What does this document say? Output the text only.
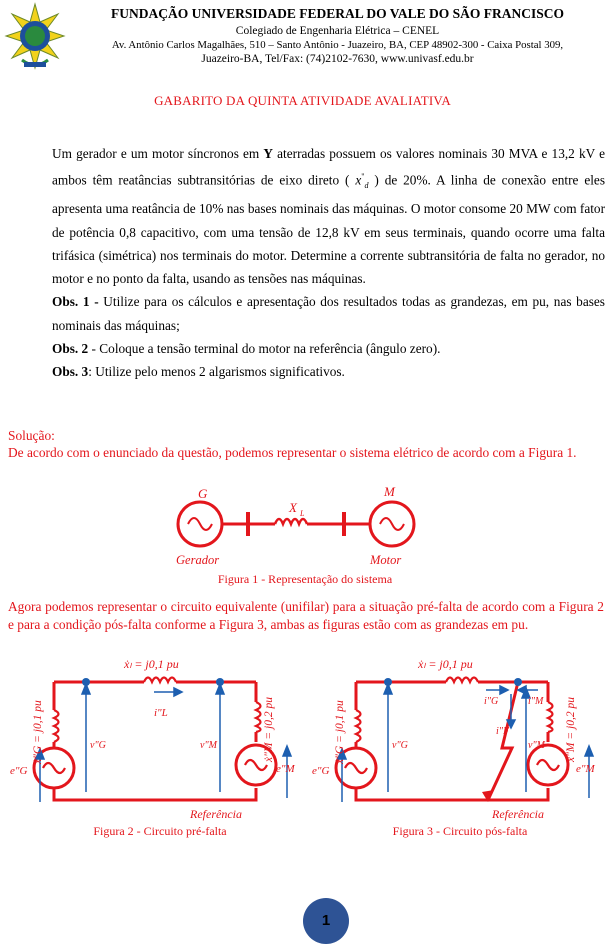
FUNDAÇÃO UNIVERSIDADE FEDERAL DO VALE DO SÃO FRANCISCO
Colegiado de Engenharia Elétrica – CENEL
Av. Antônio Carlos Magalhães, 510 – Santo Antônio - Juazeiro, BA, CEP 48902-300 - Caixa Postal 309,
Juazeiro-BA, Tel/Fax: (74)2102-7630, www.univasf.edu.br
GABARITO DA QUINTA ATIVIDADE AVALIATIVA

Um gerador e um motor síncronos em Y aterradas possuem os valores nominais 30 MVA e 13,2 kV e ambos têm reatâncias subtransitórias de eixo direto ( $x^"_d$ ) de 20%. A linha de conexão entre eles apresenta uma reatância de 10% nas bases nominais das máquinas. O motor consome 20 MW com fator de potência 0,8 capacitivo, com uma tensão de 12,8 kV em seus terminais, quando ocorre uma falta trifásica (simétrica) nos terminais do motor. Determine a corrente subtransitória de falta no gerador, no motor e no ponto da falta, usando as tensões nas máquinas.

Obs. 1 - Utilize para os cálculos e apresentação dos resultados todas as grandezas, em pu, nas bases nominais das máquinas;

Obs. 2 - Coloque a tensão terminal do motor na referência (ângulo zero).

Obs. 3: Utilize pelo menos 2 algarismos significativos.

Solução:
De acordo com o enunciado da questão, podemos representar o sistema elétrico de acordo com a Figura 1.
G	M
X L
Gerador	Motor
Figura 1 - Representação do sistema
Agora podemos representar o circuito equivalente (unifilar) para a situação pré-falta de acordo com a Figura 2 e para a condição pós-falta conforme a Figura 3, ambas as figuras estão com as grandezas em pu.
ẋₗ = j0,1 pu
i"L
ẋ"G = j0,1 pu	ẋ"M = j0,2 pu
v"G	v"M
e"G	e"M
Referência
Figura 2 - Circuito pré-falta
ẋₗ = j0,1 pu
i"G	i"M
i"F
ẋ"G = j0,1 pu	ẋ"M = j0,2 pu
v"G	v"M
e"G	e"M
Referência
Figura 3 - Circuito pós-falta
1
